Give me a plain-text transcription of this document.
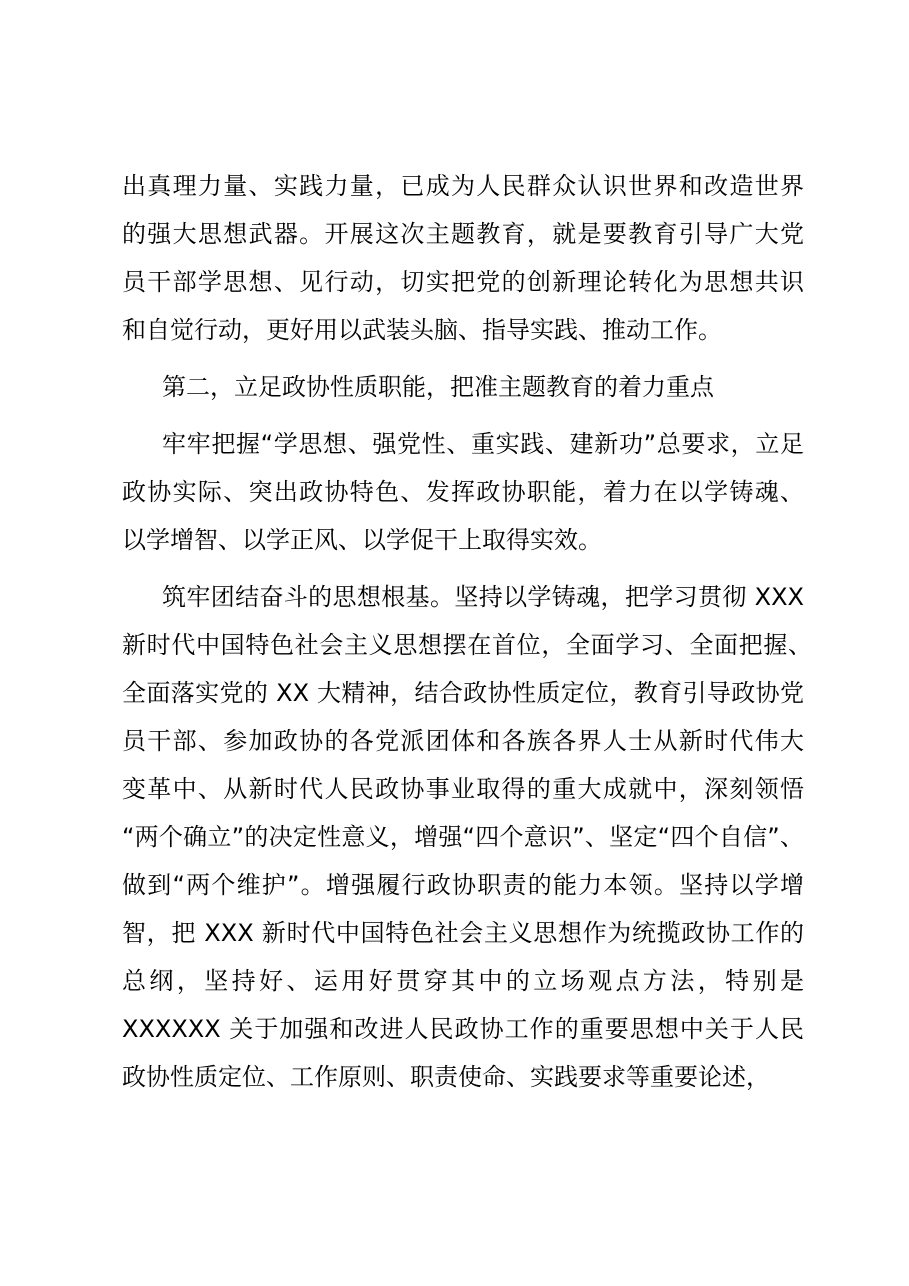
出真理力量、实践力量，已成为人民群众认识世界和改造世界
的强大思想武器。开展这次主题教育，就是要教育引导广大党
员干部学思想、见行动，切实把党的创新理论转化为思想共识
和自觉行动，更好用以武装头脑、指导实践、推动工作。
第二，立足政协性质职能，把准主题教育的着力重点
牢牢把握“学思想、强党性、重实践、建新功”总要求，立足
政协实际、突出政协特色、发挥政协职能，着力在以学铸魂、
以学增智、以学正风、以学促干上取得实效。
筑牢团结奋斗的思想根基。坚持以学铸魂，把学习贯彻 XXX
新时代中国特色社会主义思想摆在首位，全面学习、全面把握、
全面落实党的 XX 大精神，结合政协性质定位，教育引导政协党
员干部、参加政协的各党派团体和各族各界人士从新时代伟大
变革中、从新时代人民政协事业取得的重大成就中，深刻领悟
“两个确立”的决定性意义，增强“四个意识”、坚定“四个自信”、
做到“两个维护”。增强履行政协职责的能力本领。坚持以学增
智，把 XXX 新时代中国特色社会主义思想作为统揽政协工作的
总纲，坚持好、运用好贯穿其中的立场观点方法，特别是
XXXXXX 关于加强和改进人民政协工作的重要思想中关于人民
政协性质定位、工作原则、职责使命、实践要求等重要论述，
